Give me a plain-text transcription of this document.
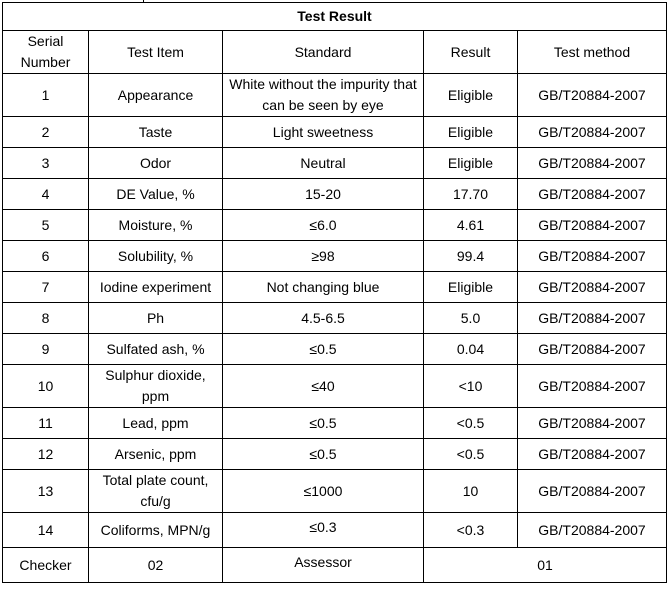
Test Result				
Serial Number	Test Item	Standard	Result	Test method
1	Appearance	White without the impurity that can be seen by eye	Eligible	GB/T20884-2007
2	Taste	Light sweetness	Eligible	GB/T20884-2007
3	Odor	Neutral	Eligible	GB/T20884-2007
4	DE Value, %	15-20	17.70	GB/T20884-2007
5	Moisture, %	≤6.0	4.61	GB/T20884-2007
6	Solubility, %	≥98	99.4	GB/T20884-2007
7	Iodine experiment	Not changing blue	Eligible	GB/T20884-2007
8	Ph	4.5-6.5	5.0	GB/T20884-2007
9	Sulfated ash, %	≤0.5	0.04	GB/T20884-2007
10	Sulphur dioxide, ppm	≤40	<10	GB/T20884-2007
11	Lead, ppm	≤0.5	<0.5	GB/T20884-2007
12	Arsenic, ppm	≤0.5	<0.5	GB/T20884-2007
13	Total plate count, cfu/g	≤1000	10	GB/T20884-2007
14	Coliforms, MPN/g	≤0.3	<0.3	GB/T20884-2007
Checker	02	Assessor	01	
